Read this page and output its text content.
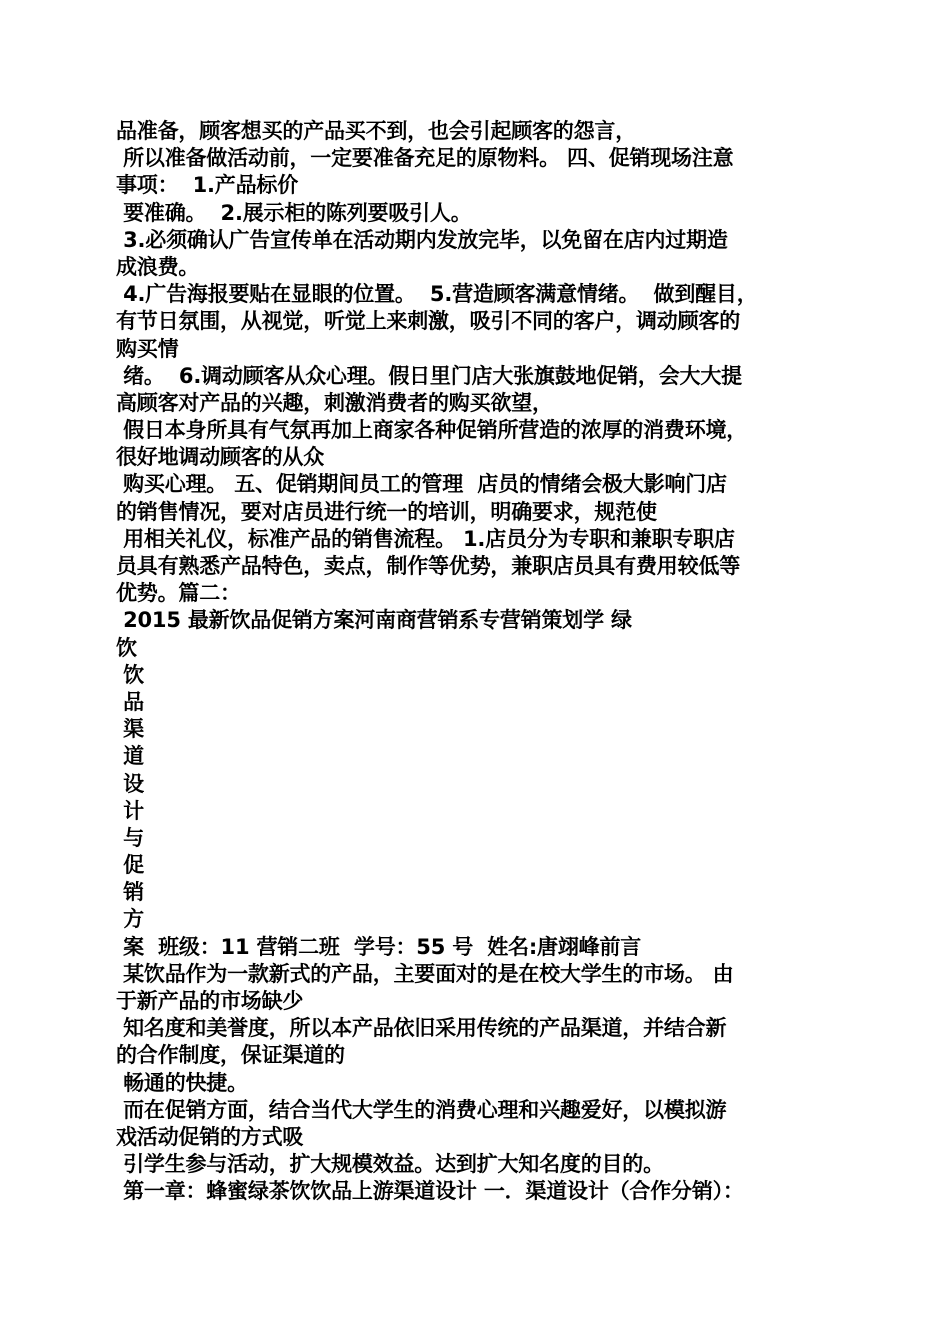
品准备，顾客想买的产品买不到，也会引起顾客的怨言，
所以准备做活动前，一定要准备充足的原物料。 四、促销现场注意
事项：  1.产品标价
要准确。  2.展示柜的陈列要吸引人。
3.必须确认广告宣传单在活动期内发放完毕，以免留在店内过期造
成浪费。
4.广告海报要贴在显眼的位置。  5.营造顾客满意情绪。  做到醒目，
有节日氛围，从视觉，听觉上来刺激，吸引不同的客户，调动顾客的
购买情
绪。  6.调动顾客从众心理。假日里门店大张旗鼓地促销，会大大提
高顾客对产品的兴趣，刺激消费者的购买欲望，
假日本身所具有气氛再加上商家各种促销所营造的浓厚的消费环境，
很好地调动顾客的从众
购买心理。 五、促销期间员工的管理  店员的情绪会极大影响门店
的销售情况，要对店员进行统一的培训，明确要求，规范使
用相关礼仪，标准产品的销售流程。 1.店员分为专职和兼职专职店
员具有熟悉产品特色，卖点，制作等优势，兼职店员具有费用较低等
优势。篇二：
2015 最新饮品促销方案河南商营销系专营销策划学 绿
饮
饮
品
渠
道
设
计
与
促
销
方
案  班级：11 营销二班  学号：55 号  姓名:唐翊峰前言
某饮品作为一款新式的产品，主要面对的是在校大学生的市场。 由
于新产品的市场缺少
知名度和美誉度，所以本产品依旧采用传统的产品渠道，并结合新
的合作制度，保证渠道的
畅通的快捷。
而在促销方面，结合当代大学生的消费心理和兴趣爱好，以模拟游
戏活动促销的方式吸
引学生参与活动，扩大规模效益。达到扩大知名度的目的。
第一章：蜂蜜绿茶饮饮品上游渠道设计 一．渠道设计（合作分销）：
